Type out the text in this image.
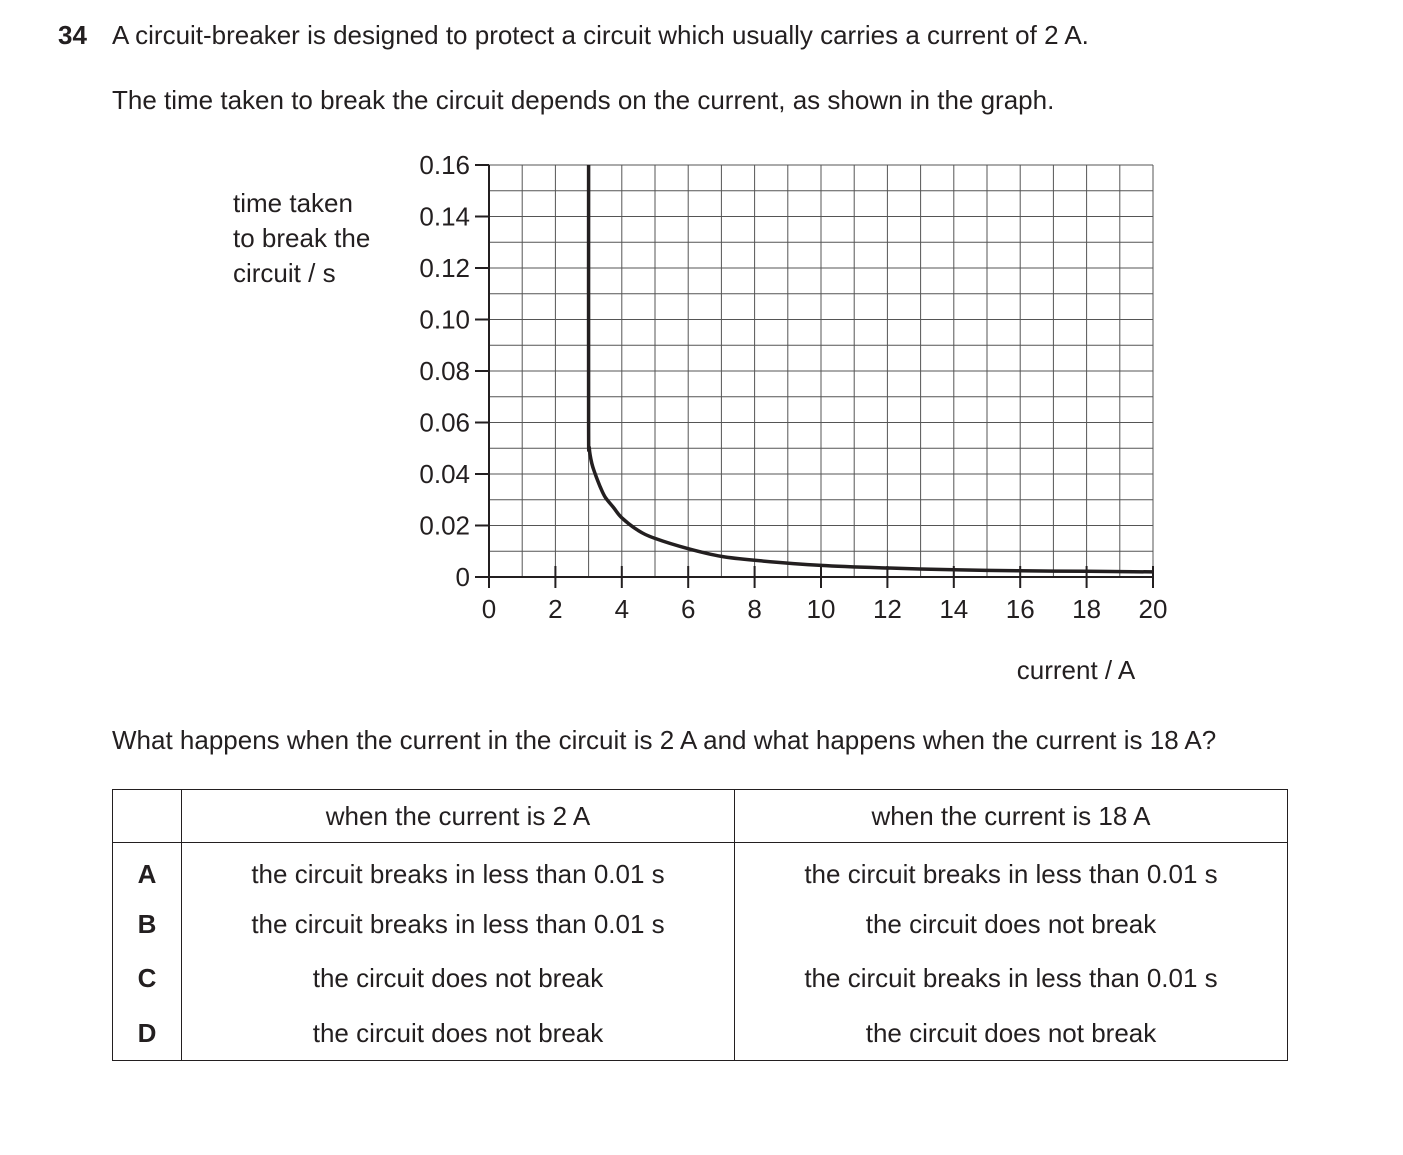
34 A circuit-breaker is designed to protect a circuit which usually carries a current of 2 A.
The time taken to break the circuit depends on the current, as shown in the graph.
time taken
to break the
circuit / s
0 2 4 6 8 10 12 14 16 18 20
0
0.02
0.04
0.06
0.08
0.10
0.12
0.14
0.16
current / A
What happens when the current in the circuit is 2 A and what happens when the current is 18 A?
	when the current is 2 A	when the current is 18 A
A	the circuit breaks in less than 0.01 s	the circuit breaks in less than 0.01 s
B	the circuit breaks in less than 0.01 s	the circuit does not break
C	the circuit does not break	the circuit breaks in less than 0.01 s
D	the circuit does not break	the circuit does not break
